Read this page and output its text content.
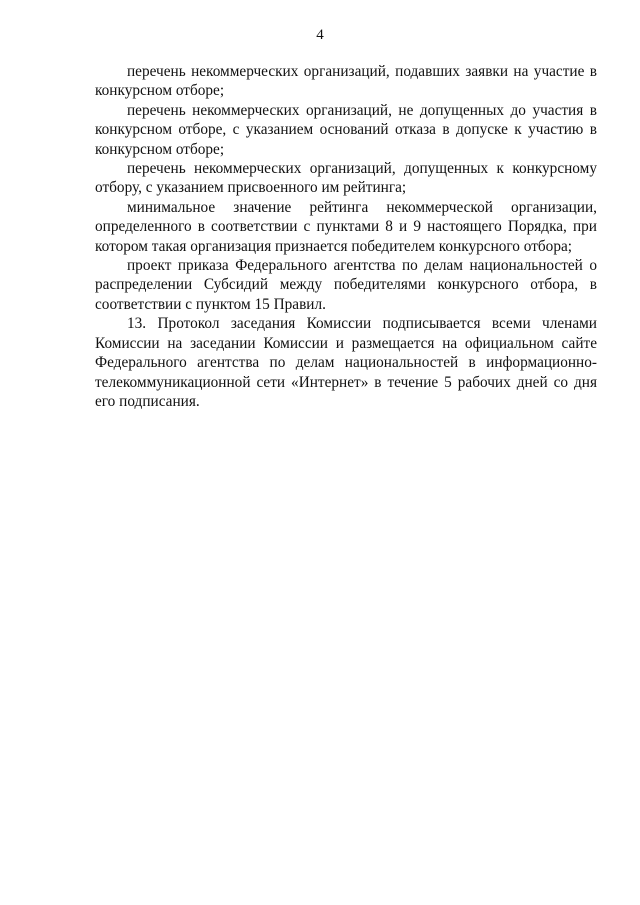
4

перечень некоммерческих организаций, подавших заявки на участие в конкурсном отборе;

перечень некоммерческих организаций, не допущенных до участия в конкурсном отборе, с указанием оснований отказа в допуске к участию в конкурсном отборе;

перечень некоммерческих организаций, допущенных к конкурсному отбору, с указанием присвоенного им рейтинга;

минимальное значение рейтинга некоммерческой организации, определенного в соответствии с пунктами 8 и 9 настоящего Порядка, при котором такая организация признается победителем конкурсного отбора;

проект приказа Федерального агентства по делам национальностей о распределении Субсидий между победителями конкурсного отбора, в соответствии с пунктом 15 Правил.

13. Протокол заседания Комиссии подписывается всеми членами Комиссии на заседании Комиссии и размещается на официальном сайте Федерального агентства по делам национальностей в информационно-телекоммуникационной сети «Интернет» в течение 5 рабочих дней со дня его подписания.
